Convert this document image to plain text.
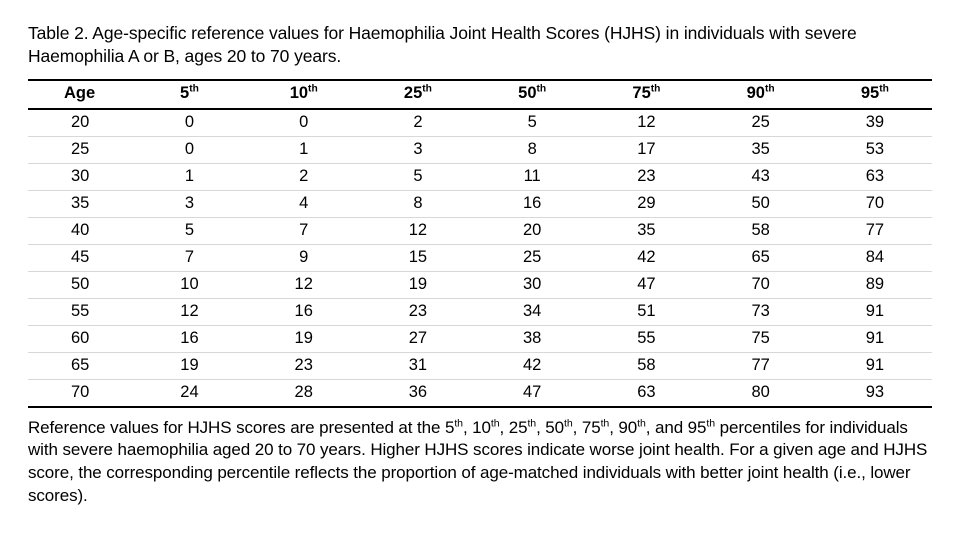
Table 2. Age-specific reference values for Haemophilia Joint Health Scores (HJHS) in individuals with severe Haemophilia A or B, ages 20 to 70 years.

Age	5th	10th	25th	50th	75th	90th	95th
20	0	0	2	5	12	25	39
25	0	1	3	8	17	35	53
30	1	2	5	11	23	43	63
35	3	4	8	16	29	50	70
40	5	7	12	20	35	58	77
45	7	9	15	25	42	65	84
50	10	12	19	30	47	70	89
55	12	16	23	34	51	73	91
60	16	19	27	38	55	75	91
65	19	23	31	42	58	77	91
70	24	28	36	47	63	80	93

Reference values for HJHS scores are presented at the 5th, 10th, 25th, 50th, 75th, 90th, and 95th percentiles for individuals with severe haemophilia aged 20 to 70 years. Higher HJHS scores indicate worse joint health. For a given age and HJHS score, the corresponding percentile reflects the proportion of age-matched individuals with better joint health (i.e., lower scores).
